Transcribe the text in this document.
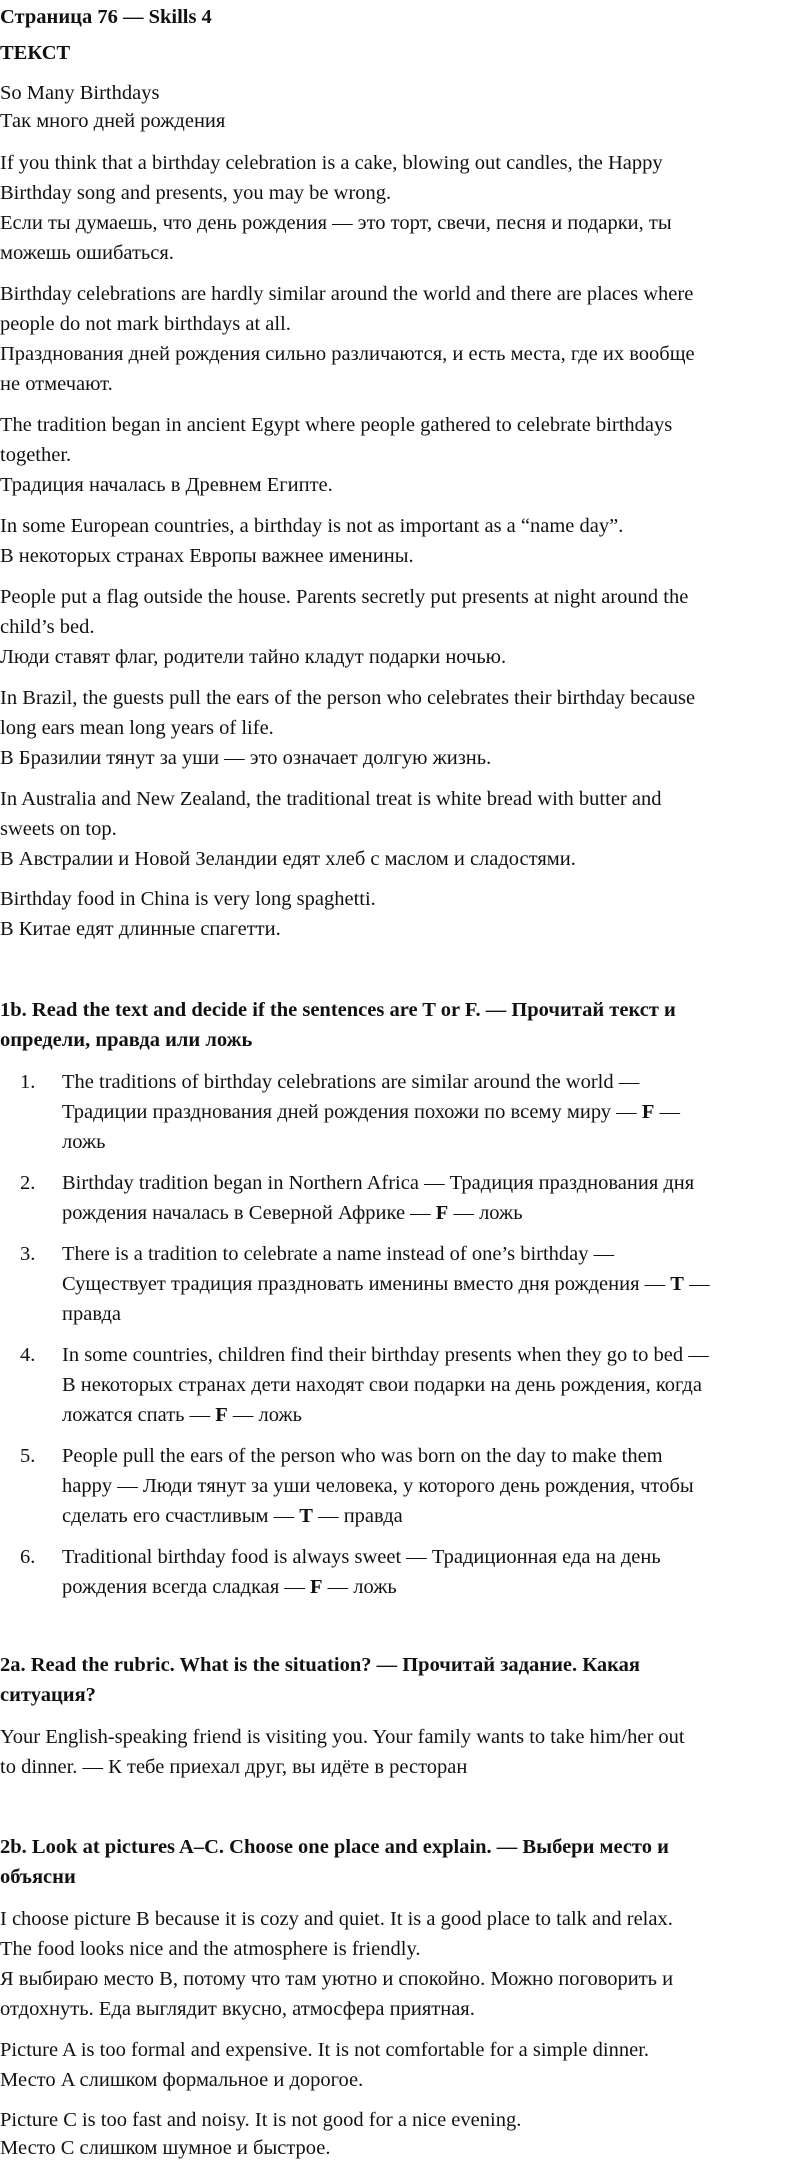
Страница 76 — Skills 4
ТЕКСТ
So Many Birthdays
Так много дней рождения
If you think that a birthday celebration is a cake, blowing out candles, the Happy
Birthday song and presents, you may be wrong.
Если ты думаешь, что день рождения — это торт, свечи, песня и подарки, ты
можешь ошибаться.
Birthday celebrations are hardly similar around the world and there are places where
people do not mark birthdays at all.
Празднования дней рождения сильно различаются, и есть места, где их вообще
не отмечают.
The tradition began in ancient Egypt where people gathered to celebrate birthdays
together.
Традиция началась в Древнем Египте.
In some European countries, a birthday is not as important as a “name day”.
В некоторых странах Европы важнее именины.
People put a flag outside the house. Parents secretly put presents at night around the
child’s bed.
Люди ставят флаг, родители тайно кладут подарки ночью.
In Brazil, the guests pull the ears of the person who celebrates their birthday because
long ears mean long years of life.
В Бразилии тянут за уши — это означает долгую жизнь.
In Australia and New Zealand, the traditional treat is white bread with butter and
sweets on top.
В Австралии и Новой Зеландии едят хлеб с маслом и сладостями.
Birthday food in China is very long spaghetti.
В Китае едят длинные спагетти.
1b. Read the text and decide if the sentences are T or F. — Прочитай текст и
определи, правда или ложь
1. The traditions of birthday celebrations are similar around the world —
Традиции празднования дней рождения похожи по всему миру — F —
ложь
2. Birthday tradition began in Northern Africa — Традиция празднования дня
рождения началась в Северной Африке — F — ложь
3. There is a tradition to celebrate a name instead of one’s birthday —
Существует традиция праздновать именины вместо дня рождения — T —
правда
4. In some countries, children find their birthday presents when they go to bed —
В некоторых странах дети находят свои подарки на день рождения, когда
ложатся спать — F — ложь
5. People pull the ears of the person who was born on the day to make them
happy — Люди тянут за уши человека, у которого день рождения, чтобы
сделать его счастливым — T — правда
6. Traditional birthday food is always sweet — Традиционная еда на день
рождения всегда сладкая — F — ложь
2a. Read the rubric. What is the situation? — Прочитай задание. Какая
ситуация?
Your English-speaking friend is visiting you. Your family wants to take him/her out
to dinner. — К тебе приехал друг, вы идёте в ресторан
2b. Look at pictures A–C. Choose one place and explain. — Выбери место и
объясни
I choose picture B because it is cozy and quiet. It is a good place to talk and relax.
The food looks nice and the atmosphere is friendly.
Я выбираю место B, потому что там уютно и спокойно. Можно поговорить и
отдохнуть. Еда выглядит вкусно, атмосфера приятная.
Picture A is too formal and expensive. It is not comfortable for a simple dinner.
Место A слишком формальное и дорогое.
Picture C is too fast and noisy. It is not good for a nice evening.
Место C слишком шумное и быстрое.
